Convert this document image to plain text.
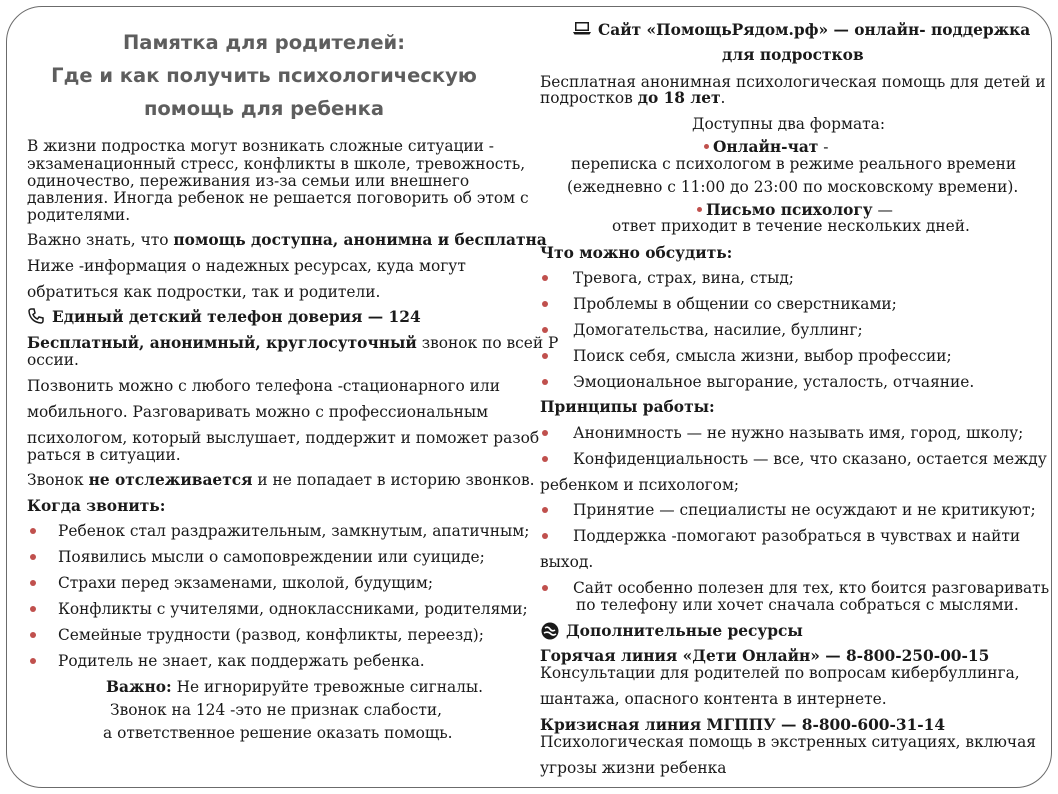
Памятка для родителей:
Где и как получить психологическую
помощь для ребенка
В жизни подростка могут возникать сложные ситуации -
экзаменационный стресс, конфликты в школе, тревожность,
одиночество, переживания из-за семьи или внешнего
давления. Иногда ребенок не решается поговорить об этом с
родителями.
Важно знать, что помощь доступна, анонимна и бесплатна
Ниже -информация о надежных ресурсах, куда могут
обратиться как подростки, так и родители.
Единый детский телефон доверия — 124
Бесплатный, анонимный, круглосуточный звонок по всей Р
оссии.
Позвонить можно с любого телефона -стационарного или
мобильного. Разговаривать можно с профессиональным
психологом, который выслушает, поддержит и поможет разоб
раться в ситуации.
Звонок не отслеживается и не попадает в историю звонков.
Когда звонить:
Ребенок стал раздражительным, замкнутым, апатичным;
Появились мысли о самоповреждении или суициде;
Страхи перед экзаменами, школой, будущим;
Конфликты с учителями, одноклассниками, родителями;
Семейные трудности (развод, конфликты, переезд);
Родитель не знает, как поддержать ребенка.
Важно: Не игнорируйте тревожные сигналы.
Звонок на 124 -это не признак слабости,
а ответственное решение оказать помощь.
Сайт «ПомощьРядом.рф» — онлайн- поддержка
для подростков
Бесплатная анонимная психологическая помощь для детей и
подростков до 18 лет.
Доступны два формата:
Онлайн-чат -
переписка с психологом в режиме реального времени
(ежедневно с 11:00 до 23:00 по московскому времени).
Письмо психологу —
ответ приходит в течение нескольких дней.
Что можно обсудить:
Тревога, страх, вина, стыд;
Проблемы в общении со сверстниками;
Домогательства, насилие, буллинг;
Поиск себя, смысла жизни, выбор профессии;
Эмоциональное выгорание, усталость, отчаяние.
Принципы работы:
Анонимность — не нужно называть имя, город, школу;
Конфиденциальность — все, что сказано, остается между
ребенком и психологом;
Принятие — специалисты не осуждают и не критикуют;
Поддержка -помогают разобраться в чувствах и найти
выход.
Сайт особенно полезен для тех, кто боится разговаривать
по телефону или хочет сначала собраться с мыслями.
Дополнительные ресурсы
Горячая линия «Дети Онлайн» — 8-800-250-00-15
Консультации для родителей по вопросам кибербуллинга,
шантажа, опасного контента в интернете.
Кризисная линия МГППУ — 8-800-600-31-14
Психологическая помощь в экстренных ситуациях, включая
угрозы жизни ребенка
